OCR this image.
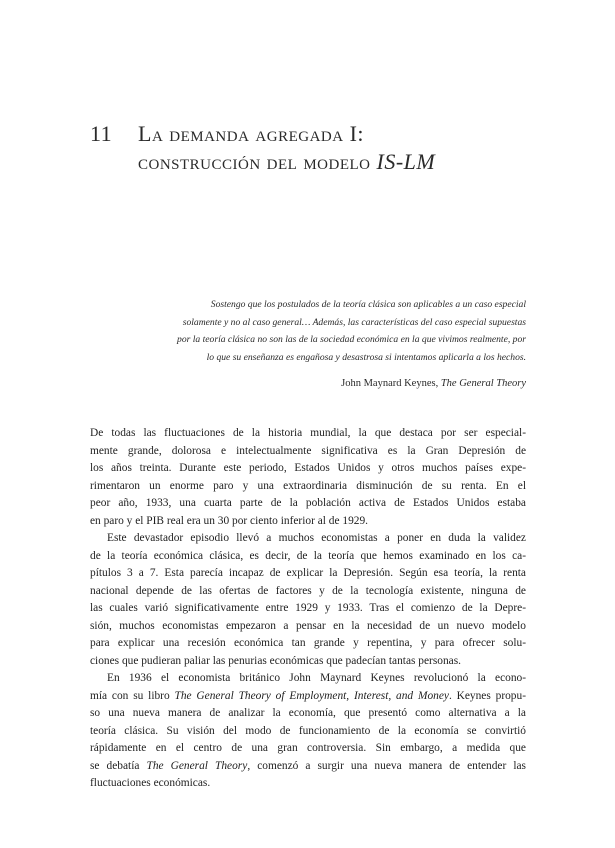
11	La demanda agregada I:
construcción del modelo IS-LM
Sostengo que los postulados de la teoría clásica son aplicables a un caso especial
solamente y no al caso general… Además, las características del caso especial supuestas
por la teoría clásica no son las de la sociedad económica en la que vivimos realmente, por
lo que su enseñanza es engañosa y desastrosa si intentamos aplicarla a los hechos.
John Maynard Keynes, The General Theory
De todas las fluctuaciones de la historia mundial, la que destaca por ser especial-
mente grande, dolorosa e intelectualmente significativa es la Gran Depresión de
los años treinta. Durante este periodo, Estados Unidos y otros muchos países expe-
rimentaron un enorme paro y una extraordinaria disminución de su renta. En el
peor año, 1933, una cuarta parte de la población activa de Estados Unidos estaba
en paro y el PIB real era un 30 por ciento inferior al de 1929.
Este devastador episodio llevó a muchos economistas a poner en duda la validez
de la teoría económica clásica, es decir, de la teoría que hemos examinado en los ca-
pítulos 3 a 7. Esta parecía incapaz de explicar la Depresión. Según esa teoría, la renta
nacional depende de las ofertas de factores y de la tecnología existente, ninguna de
las cuales varió significativamente entre 1929 y 1933. Tras el comienzo de la Depre-
sión, muchos economistas empezaron a pensar en la necesidad de un nuevo modelo
para explicar una recesión económica tan grande y repentina, y para ofrecer solu-
ciones que pudieran paliar las penurias económicas que padecían tantas personas.
En 1936 el economista británico John Maynard Keynes revolucionó la econo-
mía con su libro The General Theory of Employment, Interest, and Money. Keynes propu-
so una nueva manera de analizar la economía, que presentó como alternativa a la
teoría clásica. Su visión del modo de funcionamiento de la economía se convirtió
rápidamente en el centro de una gran controversia. Sin embargo, a medida que
se debatía The General Theory, comenzó a surgir una nueva manera de entender las
fluctuaciones económicas.
